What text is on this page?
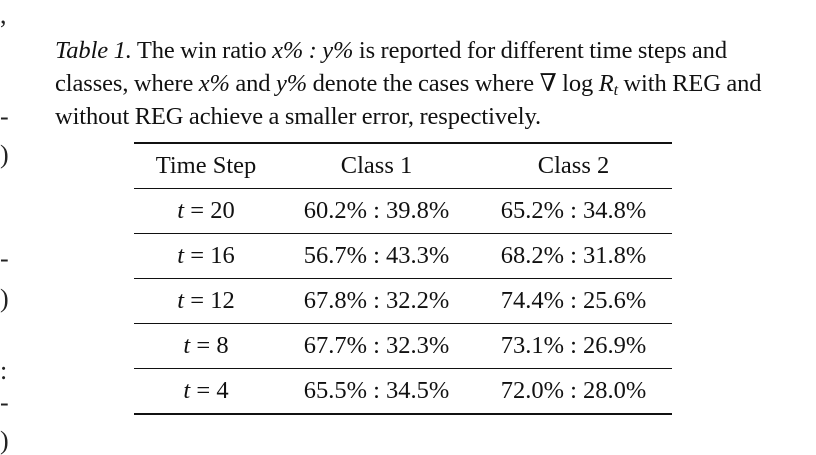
,
-
)
-
)
:
-
)
Table 1. The win ratio x% : y% is reported for different time steps and classes, where x% and y% denote the cases where ∇ $\log R_t$ with REG and without REG achieve a smaller error, respectively.
Time Step	Class 1	Class 2
t = 20	60.2% : 39.8%	65.2% : 34.8%
t = 16	56.7% : 43.3%	68.2% : 31.8%
t = 12	67.8% : 32.2%	74.4% : 25.6%
t = 8	67.7% : 32.3%	73.1% : 26.9%
t = 4	65.5% : 34.5%	72.0% : 28.0%
